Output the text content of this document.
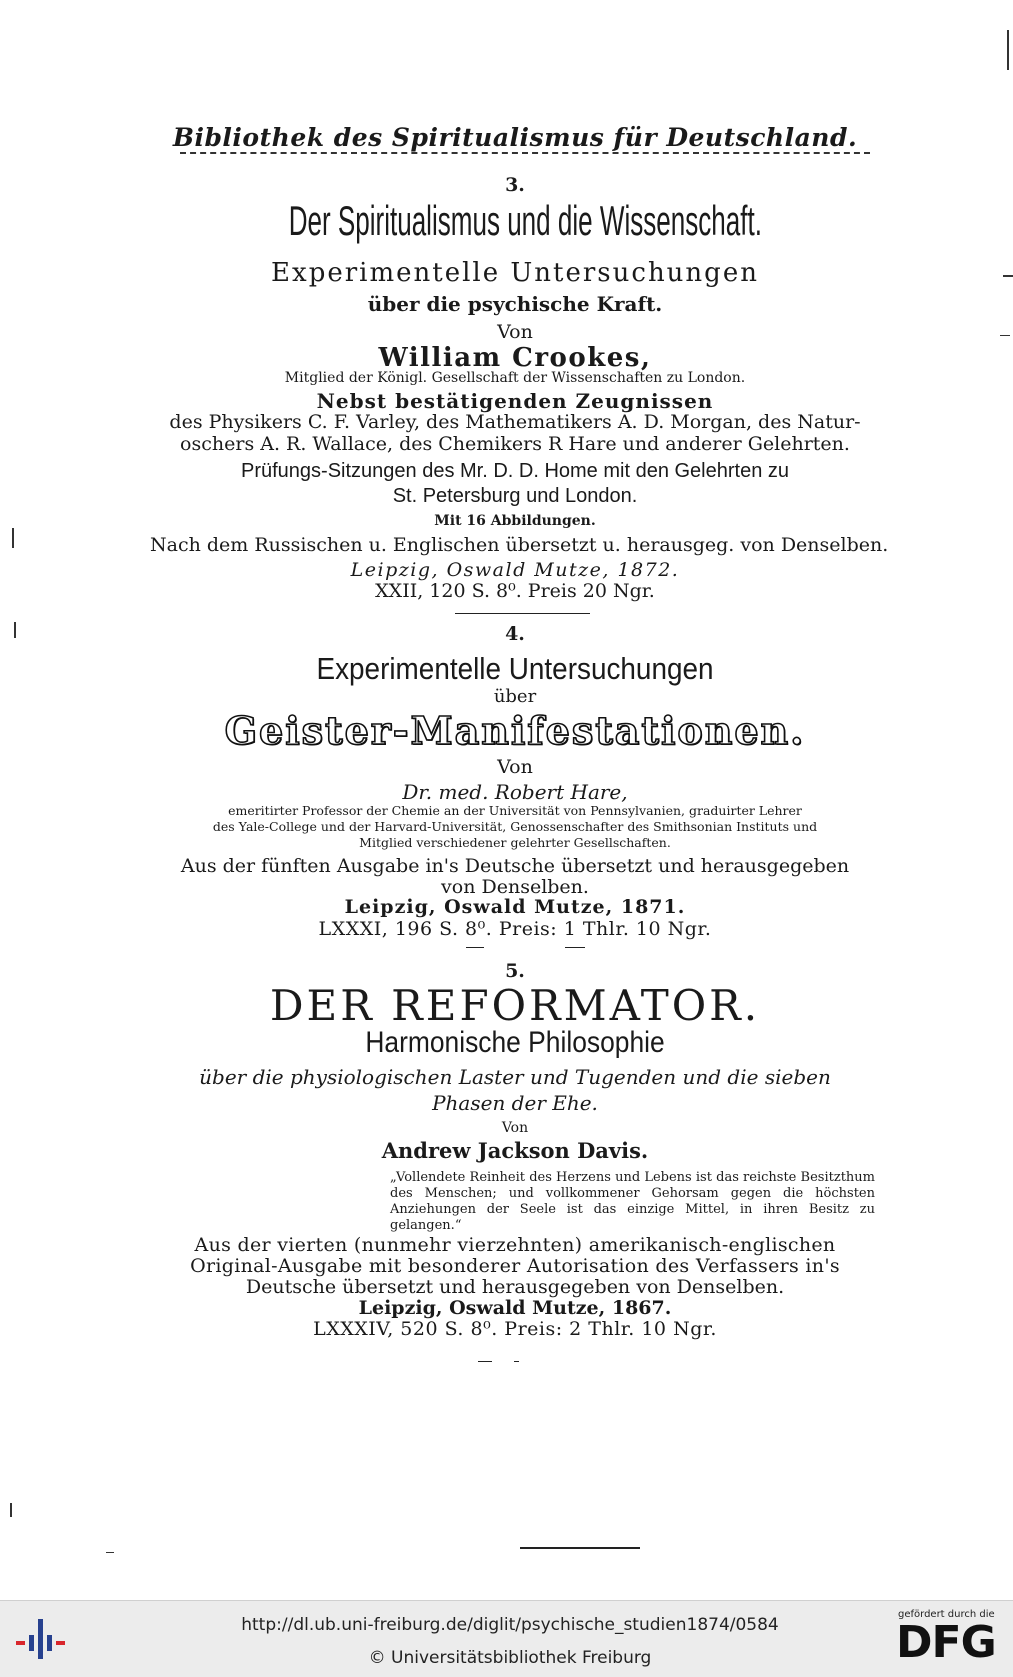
Bibliothek des Spiritualismus für Deutschland.
3.
Der Spiritualismus und die Wissenschaft.
Experimentelle Untersuchungen
über die psychische Kraft.
Von
William Crookes,
Mitglied der Königl. Gesellschaft der Wissenschaften zu London.
Nebst bestätigenden Zeugnissen
des Physikers C. F. Varley, des Mathematikers A. D. Morgan, des Natur-
oschers A. R. Wallace, des Chemikers R Hare und anderer Gelehrten.
Prüfungs-Sitzungen des Mr. D. D. Home mit den Gelehrten zu
St. Petersburg und London.
Mit 16 Abbildungen.
Nach dem Russischen u. Englischen übersetzt u. herausgeg. von Denselben.
Leipzig, Oswald Mutze, 1872.
XXII, 120 S. 8⁰. Preis 20 Ngr.
4.
Experimentelle Untersuchungen
über
Geister-Manifestationen.
Von
Dr. med. Robert Hare,
emeritirter Professor der Chemie an der Universität von Pennsylvanien, graduirter Lehrer
des Yale-College und der Harvard-Universität, Genossenschafter des Smithsonian Instituts und
Mitglied verschiedener gelehrter Gesellschaften.
Aus der fünften Ausgabe in's Deutsche übersetzt und herausgegeben
von Denselben.
Leipzig, Oswald Mutze, 1871.
LXXXI, 196 S. 8⁰. Preis: 1 Thlr. 10 Ngr.
5.
DER REFORMATOR.
Harmonische Philosophie
über die physiologischen Laster und Tugenden und die sieben
Phasen der Ehe.
Von
Andrew Jackson Davis.
„Vollendete Reinheit des Herzens und Lebens ist das reichste Besitzthum des Menschen; und vollkommener Gehorsam gegen die höchsten Anziehungen der Seele ist das einzige Mittel, in ihren Besitz zu gelangen.“
Aus der vierten (nunmehr vierzehnten) amerikanisch-englischen
Original-Ausgabe mit besonderer Autorisation des Verfassers in's
Deutsche übersetzt und herausgegeben von Denselben.
Leipzig, Oswald Mutze, 1867.
LXXXIV, 520 S. 8⁰. Preis: 2 Thlr. 10 Ngr.
http://dl.ub.uni-freiburg.de/diglit/psychische_studien1874/0584
© Universitätsbibliothek Freiburg
gefördert durch die
DFG
